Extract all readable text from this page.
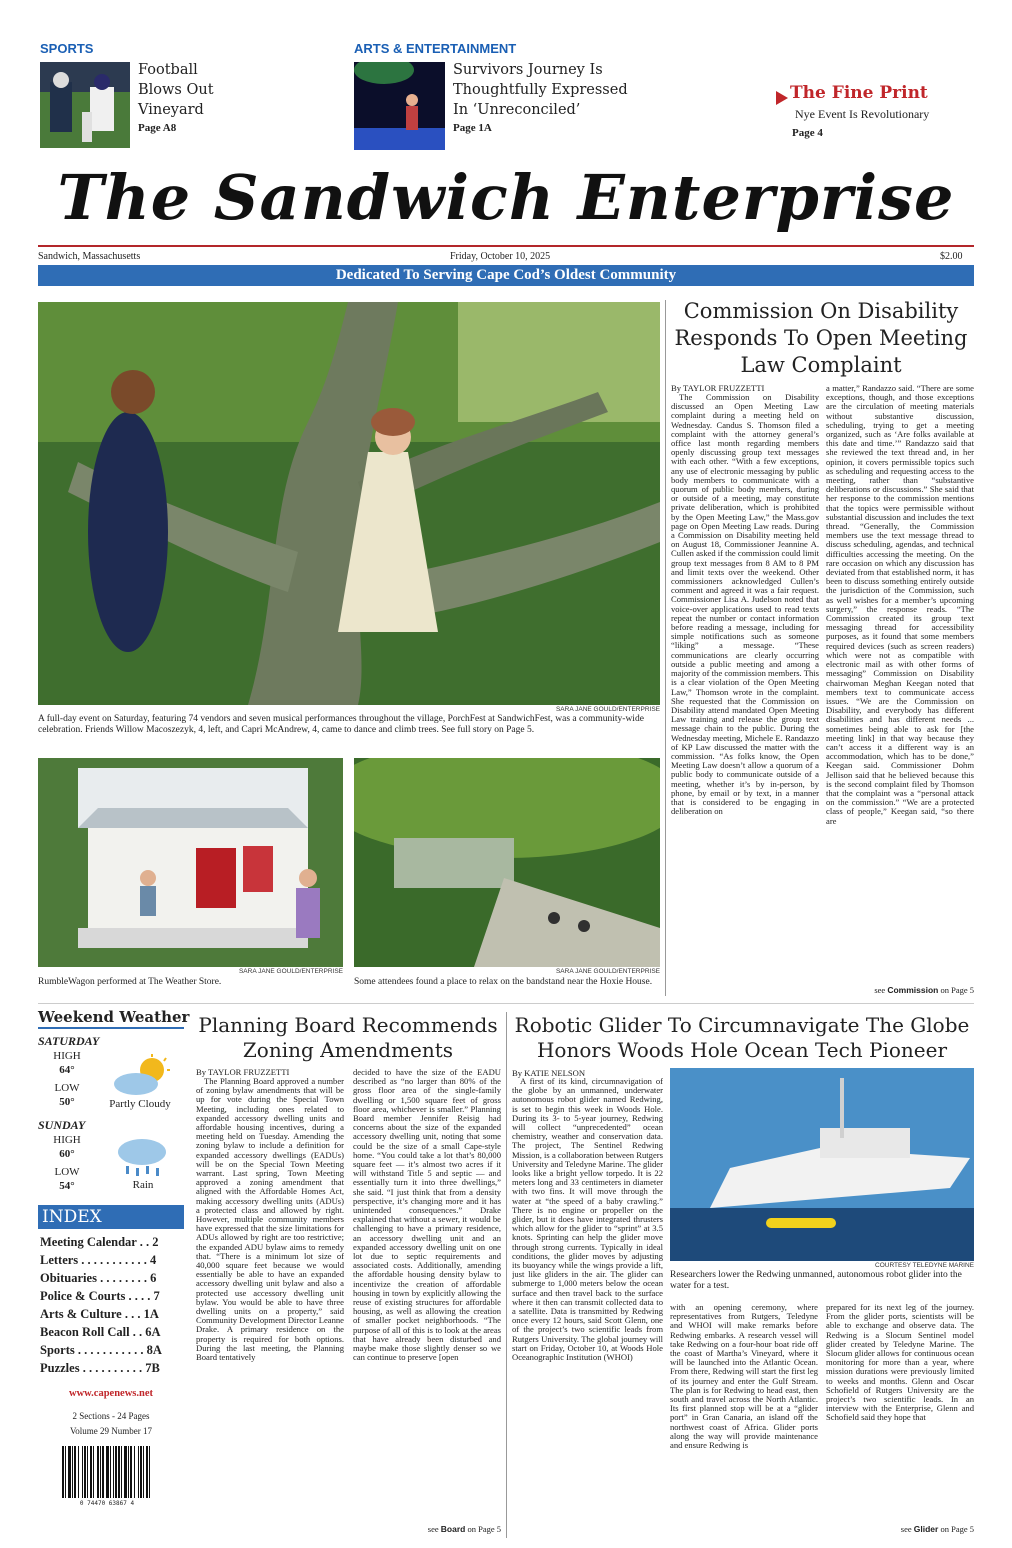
SPORTS
Football
Blows Out
Vineyard
Page A8
ARTS & ENTERTAINMENT
Survivors Journey Is
Thoughtfully Expressed
In ‘Unreconciled’
Page 1A
The Fine Print
Nye Event Is Revolutionary
Page 4
The Sandwich Enterprise
Sandwich, Massachusetts	Friday, October 10, 2025	$2.00
Dedicated To Serving Cape Cod’s Oldest Community
SARA JANE GOULD/ENTERPRISE
A full-day event on Saturday, featuring 74 vendors and seven musical performances throughout the village, PorchFest at SandwichFest, was a community-wide celebration. Friends Willow Macoszezyk, 4, left, and Capri McAndrew, 4, came to dance and climb trees. See full story on Page 5.
SARA JANE GOULD/ENTERPRISE
RumbleWagon performed at The Weather Store.
SARA JANE GOULD/ENTERPRISE
Some attendees found a place to relax on the bandstand near the Hoxie House.
Commission On Disability Responds To Open Meeting Law Complaint
By TAYLOR FRUZZETTI
The Commission on Disability discussed an Open Meeting Law complaint during a meeting held on Wednesday. Candus S. Thomson filed a complaint with the attorney general’s office last month regarding members openly discussing group text messages with each other. “With a few exceptions, any use of electronic messaging by public body members to communicate with a quorum of public body members, during or outside of a meeting, may constitute private deliberation, which is prohibited by the Open Meeting Law,” the Mass.gov page on Open Meeting Law reads. During a Commission on Disability meeting held on August 18, Commissioner Jeannine A. Cullen asked if the commission could limit group text messages from 8 AM to 8 PM and limit texts over the weekend. Other commissioners acknowledged Cullen’s comment and agreed it was a fair request. Commissioner Lisa A. Judelson noted that voice-over applications used to read texts repeat the number or contact information before reading a message, including for simple notifications such as someone “liking” a message. “These communications are clearly occurring outside a public meeting and among a majority of the commission members. This is a clear violation of the Open Meeting Law,” Thomson wrote in the complaint. She requested that the Commission on Disability attend mandated Open Meeting Law training and release the group text message chain to the public. During the Wednesday meeting, Michele E. Randazzo of KP Law discussed the matter with the commission. “As folks know, the Open Meeting Law doesn’t allow a quorum of a public body to communicate outside of a meeting, whether it’s by in-person, by phone, by email or by text, in a manner that is considered to be engaging in deliberation on
a matter,” Randazzo said. “There are some exceptions, though, and those exceptions are the circulation of meeting materials without substantive discussion, scheduling, trying to get a meeting organized, such as ‘Are folks available at this date and time.’” Randazzo said that she reviewed the text thread and, in her opinion, it covers permissible topics such as scheduling and requesting access to the meeting, rather than “substantive deliberations or discussions.” She said that her response to the commission mentions that the topics were permissible without substantial discussion and includes the text thread. “Generally, the Commission members use the text message thread to discuss scheduling, agendas, and technical difficulties accessing the meeting. On the rare occasion on which any discussion has deviated from that established norm, it has been to discuss something entirely outside the jurisdiction of the Commission, such as well wishes for a member’s upcoming surgery,” the response reads. “The Commission created its group text messaging thread for accessibility purposes, as it found that some members required devices (such as screen readers) which were not as compatible with electronic mail as with other forms of messaging” Commission on Disability chairwoman Meghan Keegan noted that members text to communicate access issues. “We are the Commission on Disability, and everybody has different disabilities and has different needs ... sometimes being able to ask for [the meeting link] in that way because they can’t access it a different way is an accommodation, which has to be done,” Keegan said. Commissioner Dohm Jellison said that he believed because this is the second complaint filed by Thomson that the complaint was a “personal attack on the commission.” “We are a protected class of people,” Keegan said, “so there are
see Commission on Page 5
Weekend Weather
SATURDAY
HIGH
64°
LOW
50°	Partly Cloudy
SUNDAY
HIGH
60°
LOW
54°	Rain
INDEX
Meeting Calendar . . 2
Letters . . . . . . . . . . . 4
Obituaries . . . . . . . . 6
Police & Courts . . . . 7
Arts & Culture . . . 1A
Beacon Roll Call . . 6A
Sports . . . . . . . . . . . 8A
Puzzles . . . . . . . . . . 7B
www.capenews.net
2 Sections - 24 Pages
Volume 29 Number 17
0 74470 63867 4
Planning Board Recommends Zoning Amendments
By TAYLOR FRUZZETTI
The Planning Board approved a number of zoning bylaw amendments that will be up for vote during the Special Town Meeting, including ones related to expanded accessory dwelling units and affordable housing incentives, during a meeting held on Tuesday. Amending the zoning bylaw to include a definition for expanded accessory dwellings (EADUs) will be on the Special Town Meeting warrant. Last spring, Town Meeting approved a zoning amendment that aligned with the Affordable Homes Act, making accessory dwelling units (ADUs) a protected class and allowed by right. However, multiple community members have expressed that the size limitations for ADUs allowed by right are too restrictive; the expanded ADU bylaw aims to remedy that. “There is a minimum lot size of 40,000 square feet because we would essentially be able to have an expanded accessory dwelling unit bylaw and also a protected use accessory dwelling unit bylaw. You would be able to have three dwelling units on a property,” said Community Development Director Leanne Drake. A primary residence on the property is required for both options. During the last meeting, the Planning Board tentatively
decided to have the size of the EADU described as “no larger than 80% of the gross floor area of the single-family dwelling or 1,500 square feet of gross floor area, whichever is smaller.” Planning Board member Jennifer Reisig had concerns about the size of the expanded accessory dwelling unit, noting that some could be the size of a small Cape-style home. “You could take a lot that’s 80,000 square feet — it’s almost two acres if it will withstand Title 5 and septic — and essentially turn it into three dwellings,” she said. “I just think that from a density perspective, it’s changing more and it has unintended consequences.” Drake explained that without a sewer, it would be challenging to have a primary residence, an accessory dwelling unit and an expanded accessory dwelling unit on one lot due to septic requirements and associated costs. Additionally, amending the affordable housing density bylaw to incentivize the creation of affordable housing in town by explicitly allowing the reuse of existing structures for affordable housing, as well as allowing the creation of smaller pocket neighborhoods. “The purpose of all of this is to look at the areas that have already been disturbed and maybe make those slightly denser so we can continue to preserve [open
see Board on Page 5
Robotic Glider To Circumnavigate The Globe Honors Woods Hole Ocean Tech Pioneer
By KATIE NELSON
A first of its kind, circumnavigation of the globe by an unmanned, underwater autonomous robot glider named Redwing, is set to begin this week in Woods Hole. During its 3- to 5-year journey, Redwing will collect “unprecedented” ocean chemistry, weather and conservation data. The project, The Sentinel Redwing Mission, is a collaboration between Rutgers University and Teledyne Marine. The glider looks like a bright yellow torpedo. It is 22 meters long and 33 centimeters in diameter with two fins. It will move through the water at “the speed of a baby crawling.” There is no engine or propeller on the glider, but it does have integrated thrusters which allow for the glider to “sprint” at 3.5 knots. Sprinting can help the glider move through strong currents. Typically in ideal conditions, the glider moves by adjusting its buoyancy while the wings provide a lift, just like gliders in the air. The glider can submerge to 1,000 meters below the ocean surface and then travel back to the surface where it then can transmit collected data to a satellite. Data is transmitted by Redwing once every 12 hours, said Scott Glenn, one of the project’s two scientific leads from Rutgers University. The global journey will start on Friday, October 10, at Woods Hole Oceanographic Institution (WHOI)
COURTESY TELEDYNE MARINE
Researchers lower the Redwing unmanned, autonomous robot glider into the water for a test.
with an opening ceremony, where representatives from Rutgers, Teledyne and WHOI will make remarks before Redwing embarks. A research vessel will take Redwing on a four-hour boat ride off the coast of Martha’s Vineyard, where it will be launched into the Atlantic Ocean. From there, Redwing will start the first leg of its journey and enter the Gulf Stream. The plan is for Redwing to head east, then south and travel across the North Atlantic. Its first planned stop will be at a “glider port” in Gran Canaria, an island off the northwest coast of Africa. Glider ports along the way will provide maintenance and ensure Redwing is
prepared for its next leg of the journey. From the glider ports, scientists will be able to exchange and observe data. The Redwing is a Slocum Sentinel model glider created by Teledyne Marine. The Slocum glider allows for continuous ocean monitoring for more than a year, where mission durations were previously limited to weeks and months. Glenn and Oscar Schofield of Rutgers University are the project’s two scientific leads. In an interview with the Enterprise, Glenn and Schofield said they hope that
see Glider on Page 5
